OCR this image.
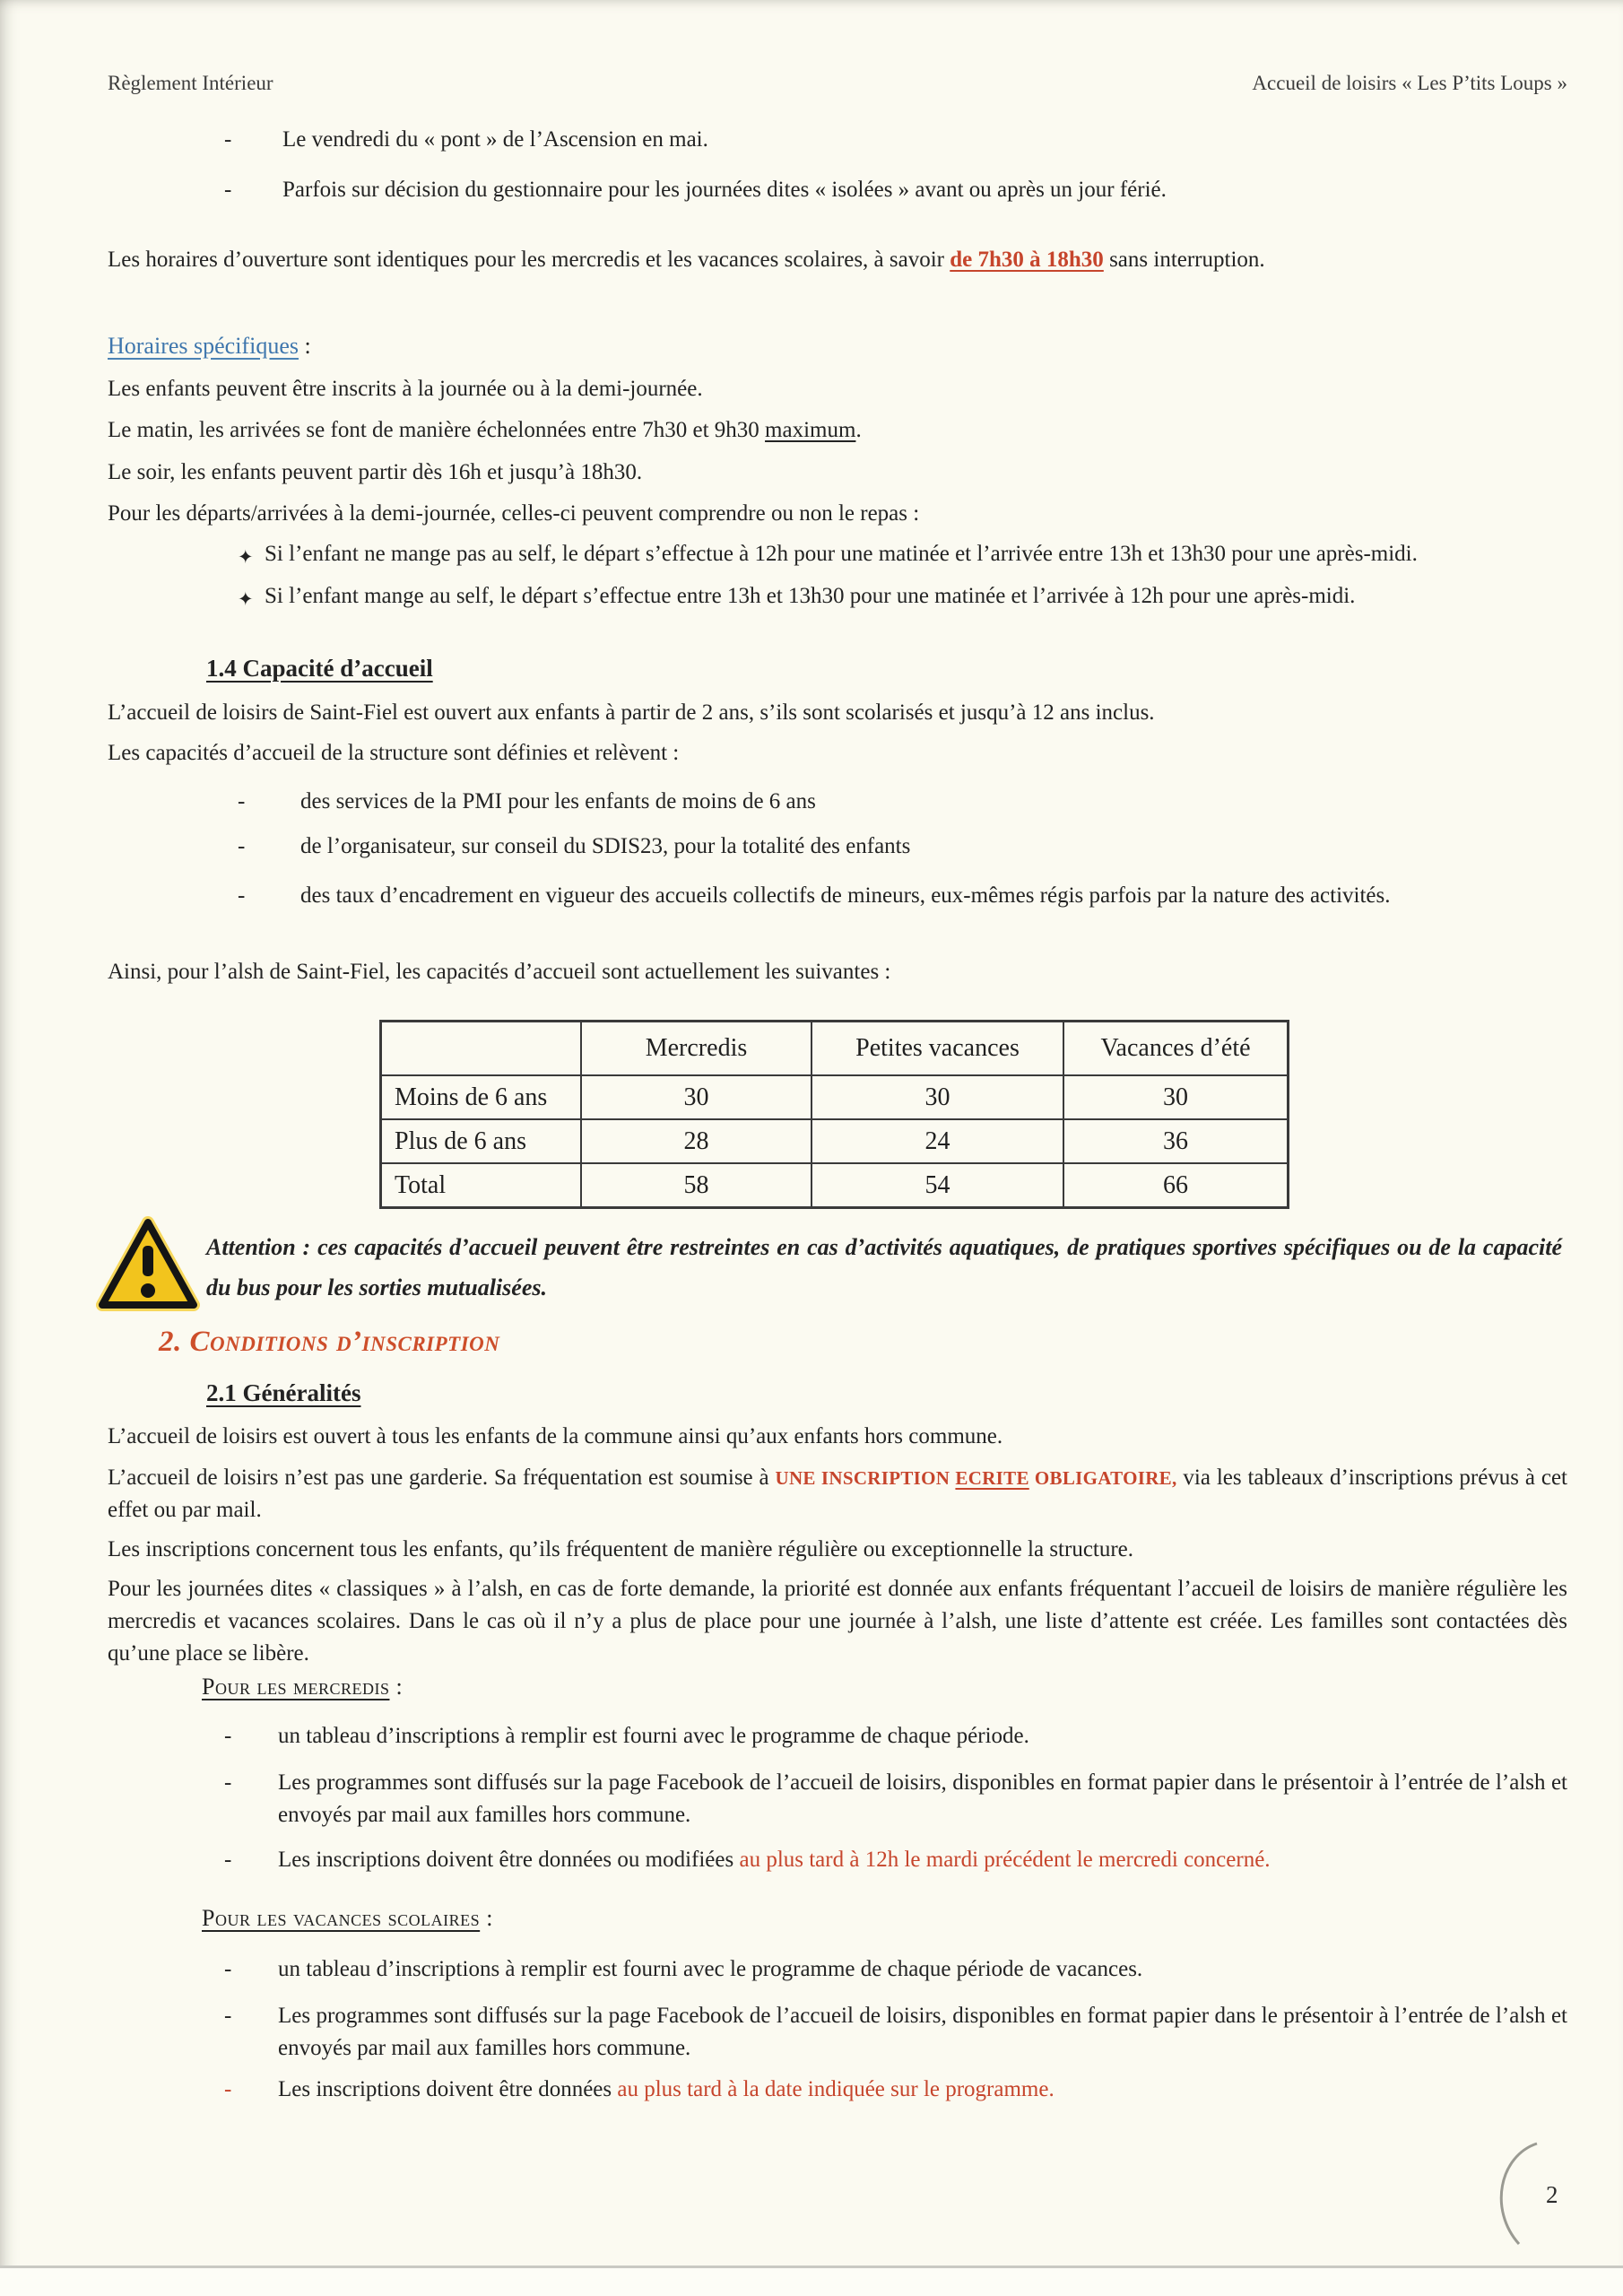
Règlement Intérieur	Accueil de loisirs « Les P’tits Loups »
-	Le vendredi du « pont » de l’Ascension en mai.
-	Parfois sur décision du gestionnaire pour les journées dites « isolées » avant ou après un jour férié.

Les horaires d’ouverture sont identiques pour les mercredis et les vacances scolaires, à savoir de 7h30 à 18h30 sans interruption.

Horaires spécifiques :

Les enfants peuvent être inscrits à la journée ou à la demi-journée.

Le matin, les arrivées se font de manière échelonnées entre 7h30 et 9h30 maximum.

Le soir, les enfants peuvent partir dès 16h et jusqu’à 18h30.

Pour les départs/arrivées à la demi-journée, celles-ci peuvent comprendre ou non le repas :

✦ Si l’enfant ne mange pas au self, le départ s’effectue à 12h pour une matinée et l’arrivée entre 13h et 13h30 pour une après-midi.
✦ Si l’enfant mange au self, le départ s’effectue entre 13h et 13h30 pour une matinée et l’arrivée à 12h pour une après-midi.
1.4 Capacité d’accueil

L’accueil de loisirs de Saint-Fiel est ouvert aux enfants à partir de 2 ans, s’ils sont scolarisés et jusqu’à 12 ans inclus.

Les capacités d’accueil de la structure sont définies et relèvent :

-	des services de la PMI pour les enfants de moins de 6 ans
-	de l’organisateur, sur conseil du SDIS23, pour la totalité des enfants
-	des taux d’encadrement en vigueur des accueils collectifs de mineurs, eux-mêmes régis parfois par la nature des activités.

Ainsi, pour l’alsh de Saint-Fiel, les capacités d’accueil sont actuellement les suivantes :

	Mercredis	Petites vacances	Vacances d’été
Moins de 6 ans	30	30	30
Plus de 6 ans	28	24	36
Total	58	54	66

Attention : ces capacités d’accueil peuvent être restreintes en cas d’activités aquatiques, de pratiques sportives spécifiques ou de la capacité du bus pour les sorties mutualisées.

2. Conditions d’inscription
2.1 Généralités

L’accueil de loisirs est ouvert à tous les enfants de la commune ainsi qu’aux enfants hors commune.

L’accueil de loisirs n’est pas une garderie. Sa fréquentation est soumise à UNE INSCRIPTION ECRITE OBLIGATOIRE, via les tableaux d’inscriptions prévus à cet effet ou par mail.

Les inscriptions concernent tous les enfants, qu’ils fréquentent de manière régulière ou exceptionnelle la structure.

Pour les journées dites « classiques » à l’alsh, en cas de forte demande, la priorité est donnée aux enfants fréquentant l’accueil de loisirs de manière régulière les mercredis et vacances scolaires. Dans le cas où il n’y a plus de place pour une journée à l’alsh, une liste d’attente est créée. Les familles sont contactées dès qu’une place se libère.

Pour les mercredis :
-	un tableau d’inscriptions à remplir est fourni avec le programme de chaque période.
-	Les programmes sont diffusés sur la page Facebook de l’accueil de loisirs, disponibles en format papier dans le présentoir à l’entrée de l’alsh et envoyés par mail aux familles hors commune.
-	Les inscriptions doivent être données ou modifiées au plus tard à 12h le mardi précédent le mercredi concerné.
Pour les vacances scolaires :
-	un tableau d’inscriptions à remplir est fourni avec le programme de chaque période de vacances.
-	Les programmes sont diffusés sur la page Facebook de l’accueil de loisirs, disponibles en format papier dans le présentoir à l’entrée de l’alsh et envoyés par mail aux familles hors commune.
-	Les inscriptions doivent être données au plus tard à la date indiquée sur le programme.
2
